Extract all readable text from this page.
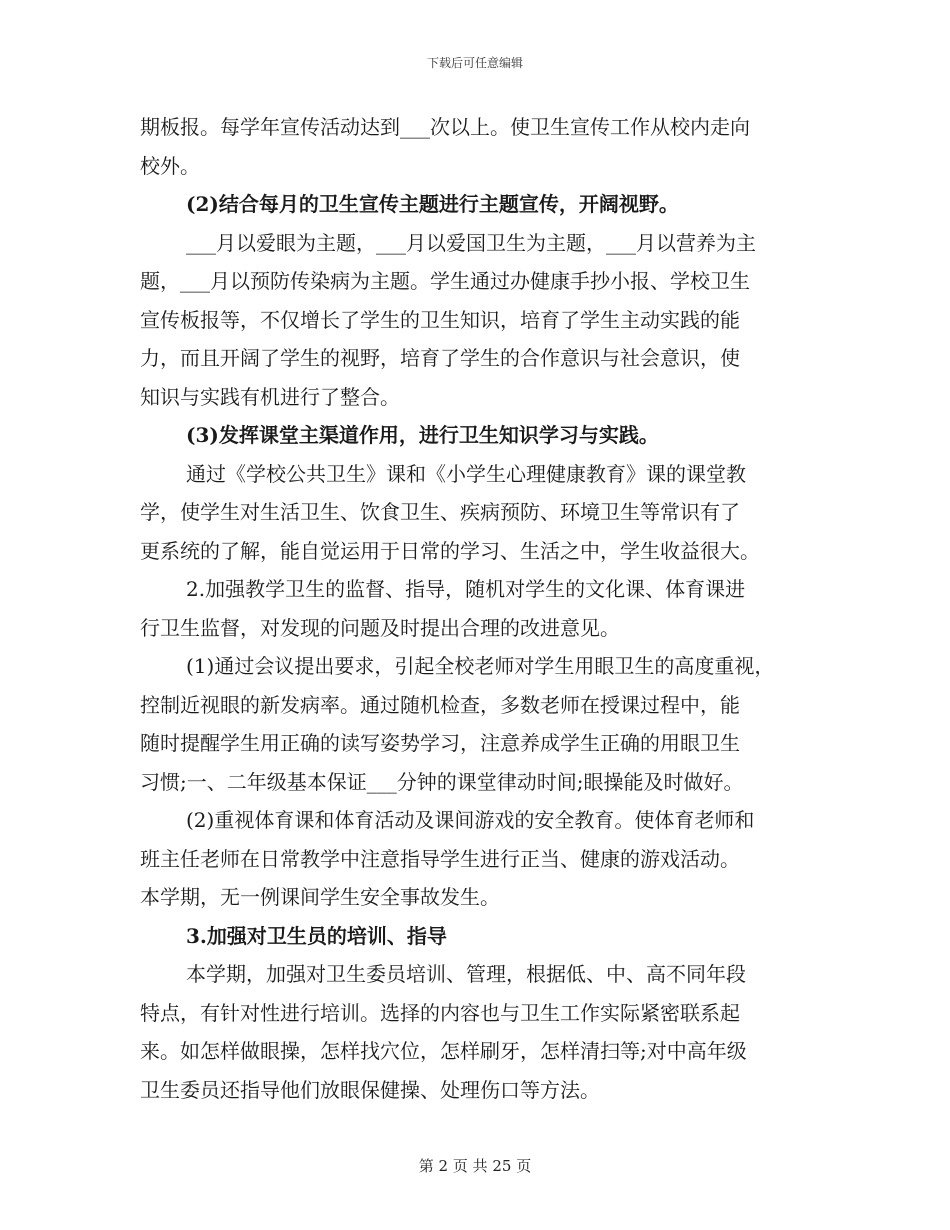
下载后可任意编辑

期板报。每学年宣传活动达到___次以上。使卫生宣传工作从校内走向

校外。

(2)结合每月的卫生宣传主题进行主题宣传，开阔视野。

___月以爱眼为主题，___月以爱国卫生为主题，___月以营养为主

题，___月以预防传染病为主题。学生通过办健康手抄小报、学校卫生

宣传板报等，不仅增长了学生的卫生知识，培育了学生主动实践的能

力，而且开阔了学生的视野，培育了学生的合作意识与社会意识，使

知识与实践有机进行了整合。

(3)发挥课堂主渠道作用，进行卫生知识学习与实践。

通过《学校公共卫生》课和《小学生心理健康教育》课的课堂教

学，使学生对生活卫生、饮食卫生、疾病预防、环境卫生等常识有了

更系统的了解，能自觉运用于日常的学习、生活之中，学生收益很大。

2.加强教学卫生的监督、指导，随机对学生的文化课、体育课进

行卫生监督，对发现的问题及时提出合理的改进意见。

(1)通过会议提出要求，引起全校老师对学生用眼卫生的高度重视，

控制近视眼的新发病率。通过随机检查，多数老师在授课过程中，能

随时提醒学生用正确的读写姿势学习，注意养成学生正确的用眼卫生

习惯;一、二年级基本保证___分钟的课堂律动时间;眼操能及时做好。

(2)重视体育课和体育活动及课间游戏的安全教育。使体育老师和

班主任老师在日常教学中注意指导学生进行正当、健康的游戏活动。

本学期，无一例课间学生安全事故发生。

3.加强对卫生员的培训、指导

本学期，加强对卫生委员培训、管理，根据低、中、高不同年段

特点，有针对性进行培训。选择的内容也与卫生工作实际紧密联系起

来。如怎样做眼操，怎样找穴位，怎样刷牙，怎样清扫等;对中高年级

卫生委员还指导他们放眼保健操、处理伤口等方法。

第 2 页 共 25 页
